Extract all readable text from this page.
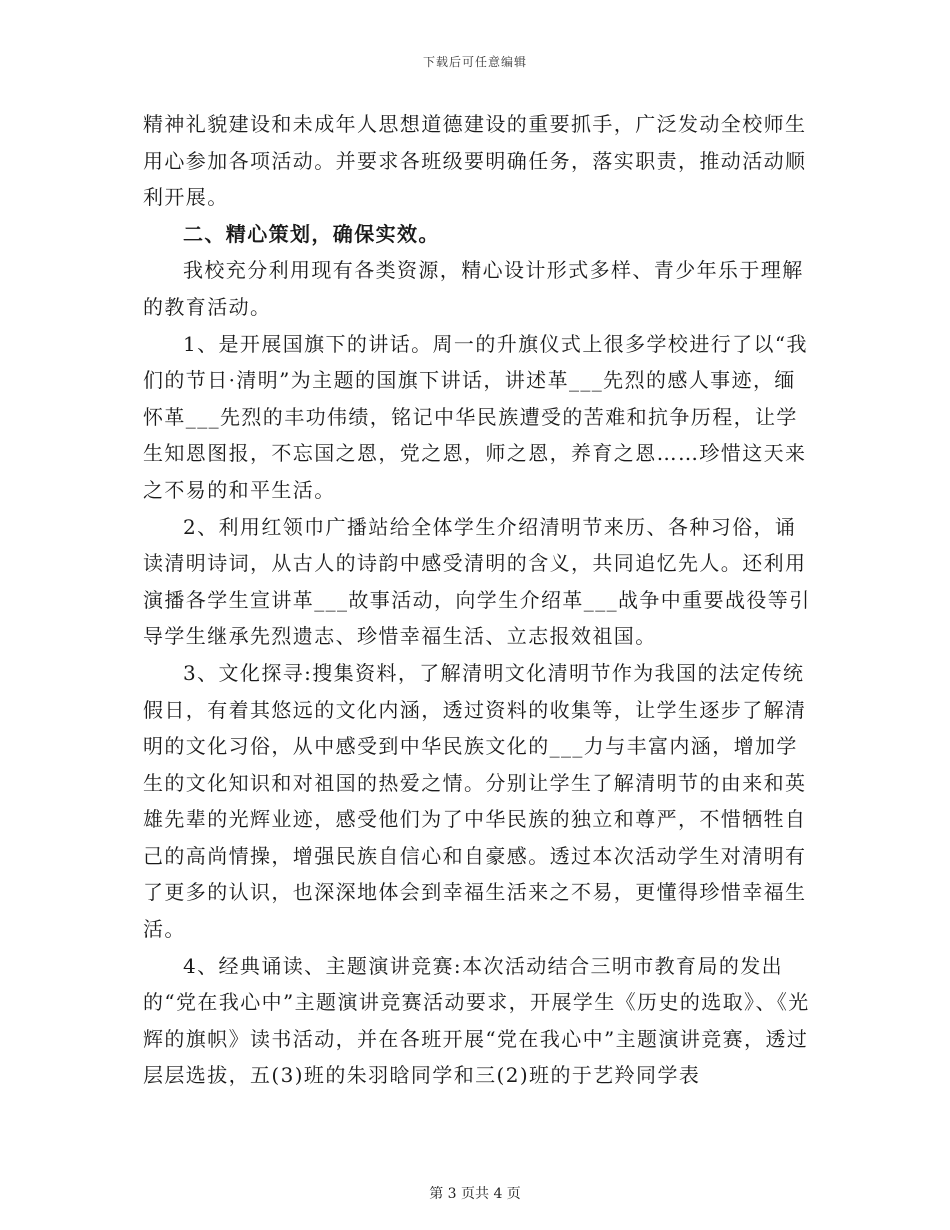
下载后可任意编辑

精神礼貌建设和未成年人思想道德建设的重要抓手，广泛发动全校师生用心参加各项活动。并要求各班级要明确任务，落实职责，推动活动顺利开展。

二、精心策划，确保实效。

我校充分利用现有各类资源，精心设计形式多样、青少年乐于理解的教育活动。

1、是开展国旗下的讲话。周一的升旗仪式上很多学校进行了以“我们的节日·清明”为主题的国旗下讲话，讲述革___先烈的感人事迹，缅怀革___先烈的丰功伟绩，铭记中华民族遭受的苦难和抗争历程，让学生知恩图报，不忘国之恩，党之恩，师之恩，养育之恩……珍惜这天来之不易的和平生活。

2、利用红领巾广播站给全体学生介绍清明节来历、各种习俗，诵读清明诗词，从古人的诗韵中感受清明的含义，共同追忆先人。还利用演播各学生宣讲革___故事活动，向学生介绍革___战争中重要战役等引导学生继承先烈遗志、珍惜幸福生活、立志报效祖国。

3、文化探寻:搜集资料，了解清明文化清明节作为我国的法定传统假日，有着其悠远的文化内涵，透过资料的收集等，让学生逐步了解清明的文化习俗，从中感受到中华民族文化的___力与丰富内涵，增加学生的文化知识和对祖国的热爱之情。分别让学生了解清明节的由来和英雄先辈的光辉业迹，感受他们为了中华民族的独立和尊严，不惜牺牲自己的高尚情操，增强民族自信心和自豪感。透过本次活动学生对清明有了更多的认识，也深深地体会到幸福生活来之不易，更懂得珍惜幸福生活。

4、经典诵读、主题演讲竞赛:本次活动结合三明市教育局的发出的“党在我心中”主题演讲竞赛活动要求，开展学生《历史的选取》、《光辉的旗帜》读书活动，并在各班开展“党在我心中”主题演讲竞赛，透过层层选拔，五(3)班的朱羽晗同学和三(2)班的于艺羚同学表

第 3 页共 4 页
